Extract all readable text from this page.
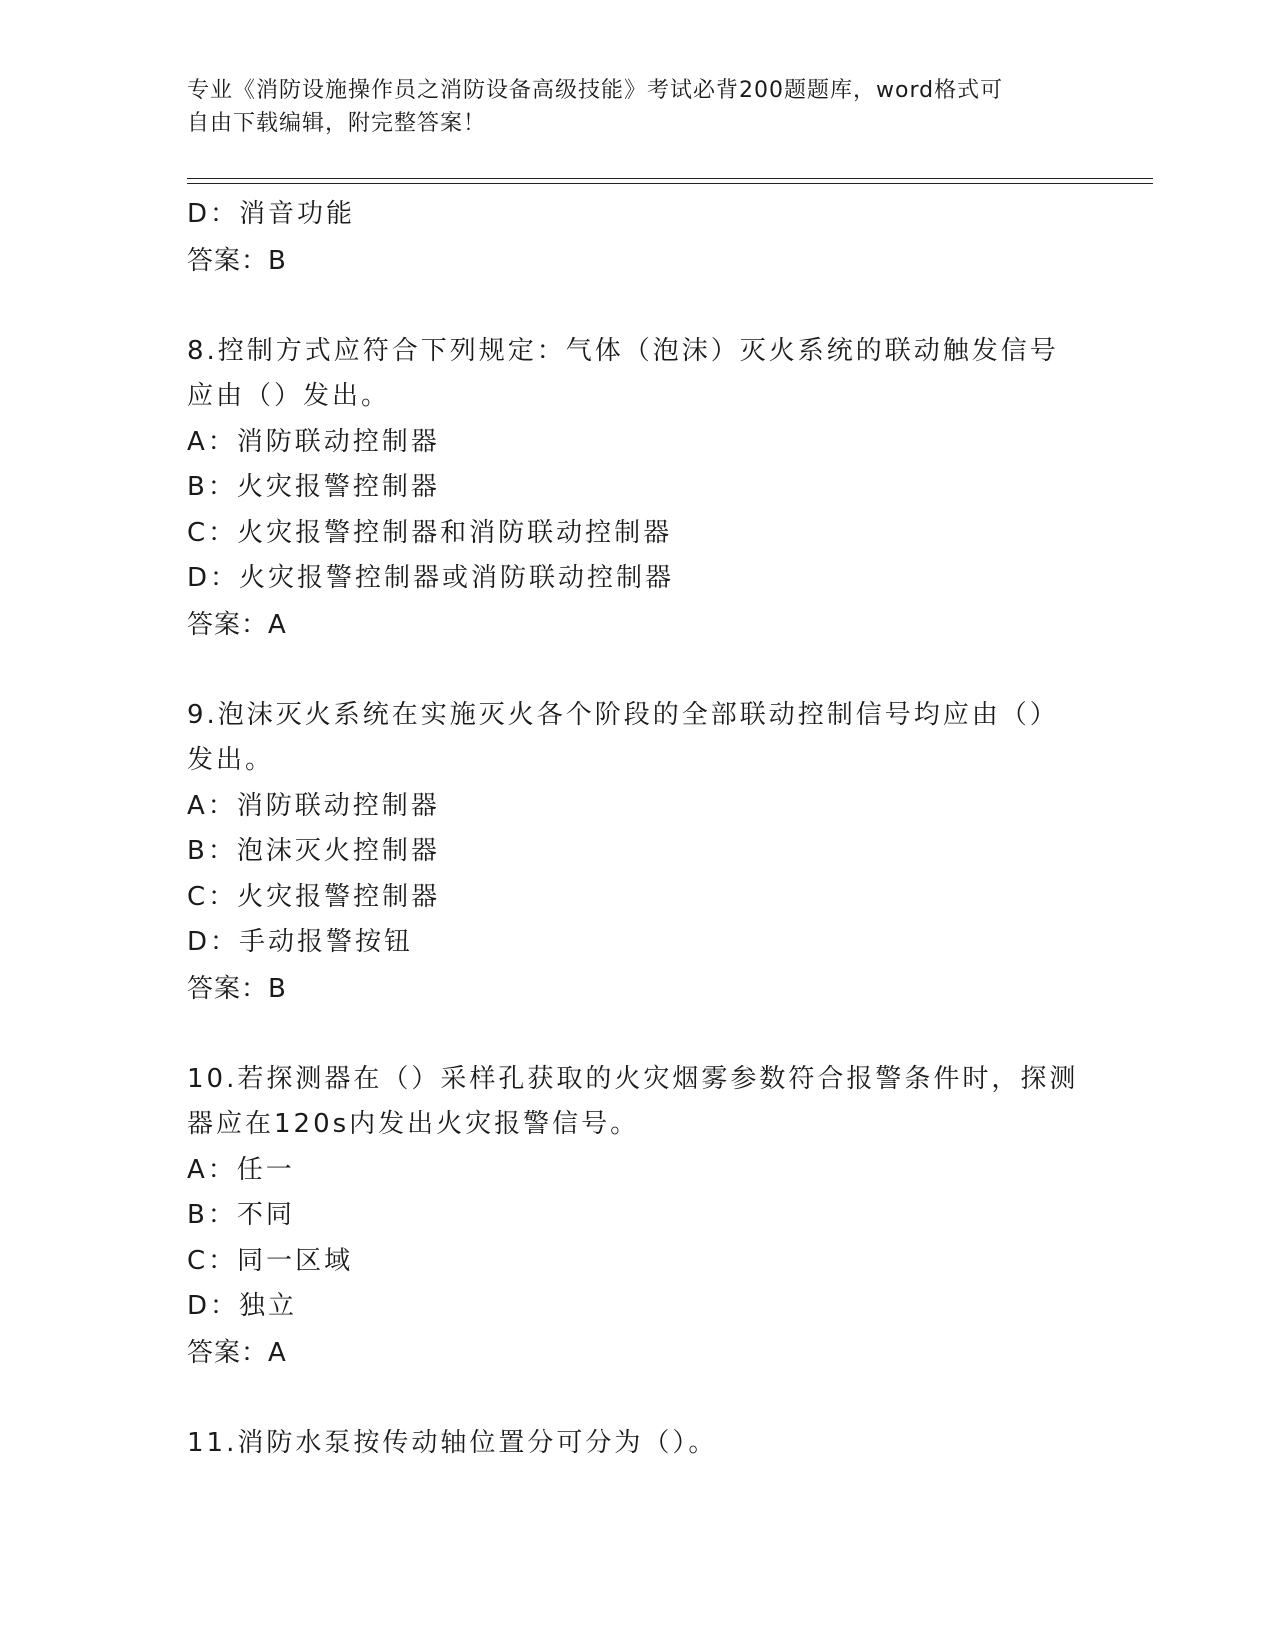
专业《消防设施操作员之消防设备高级技能》考试必背200题题库，word格式可
自由下载编辑，附完整答案！
D：消音功能
答案：B
8.控制方式应符合下列规定：气体（泡沫）灭火系统的联动触发信号
应由（）发出。
A：消防联动控制器
B：火灾报警控制器
C：火灾报警控制器和消防联动控制器
D：火灾报警控制器或消防联动控制器
答案：A
9.泡沫灭火系统在实施灭火各个阶段的全部联动控制信号均应由（）
发出。
A：消防联动控制器
B：泡沫灭火控制器
C：火灾报警控制器
D：手动报警按钮
答案：B
10.若探测器在（）采样孔获取的火灾烟雾参数符合报警条件时，探测
器应在120s内发出火灾报警信号。
A：任一
B：不同
C：同一区域
D：独立
答案：A
11.消防水泵按传动轴位置分可分为（）。
